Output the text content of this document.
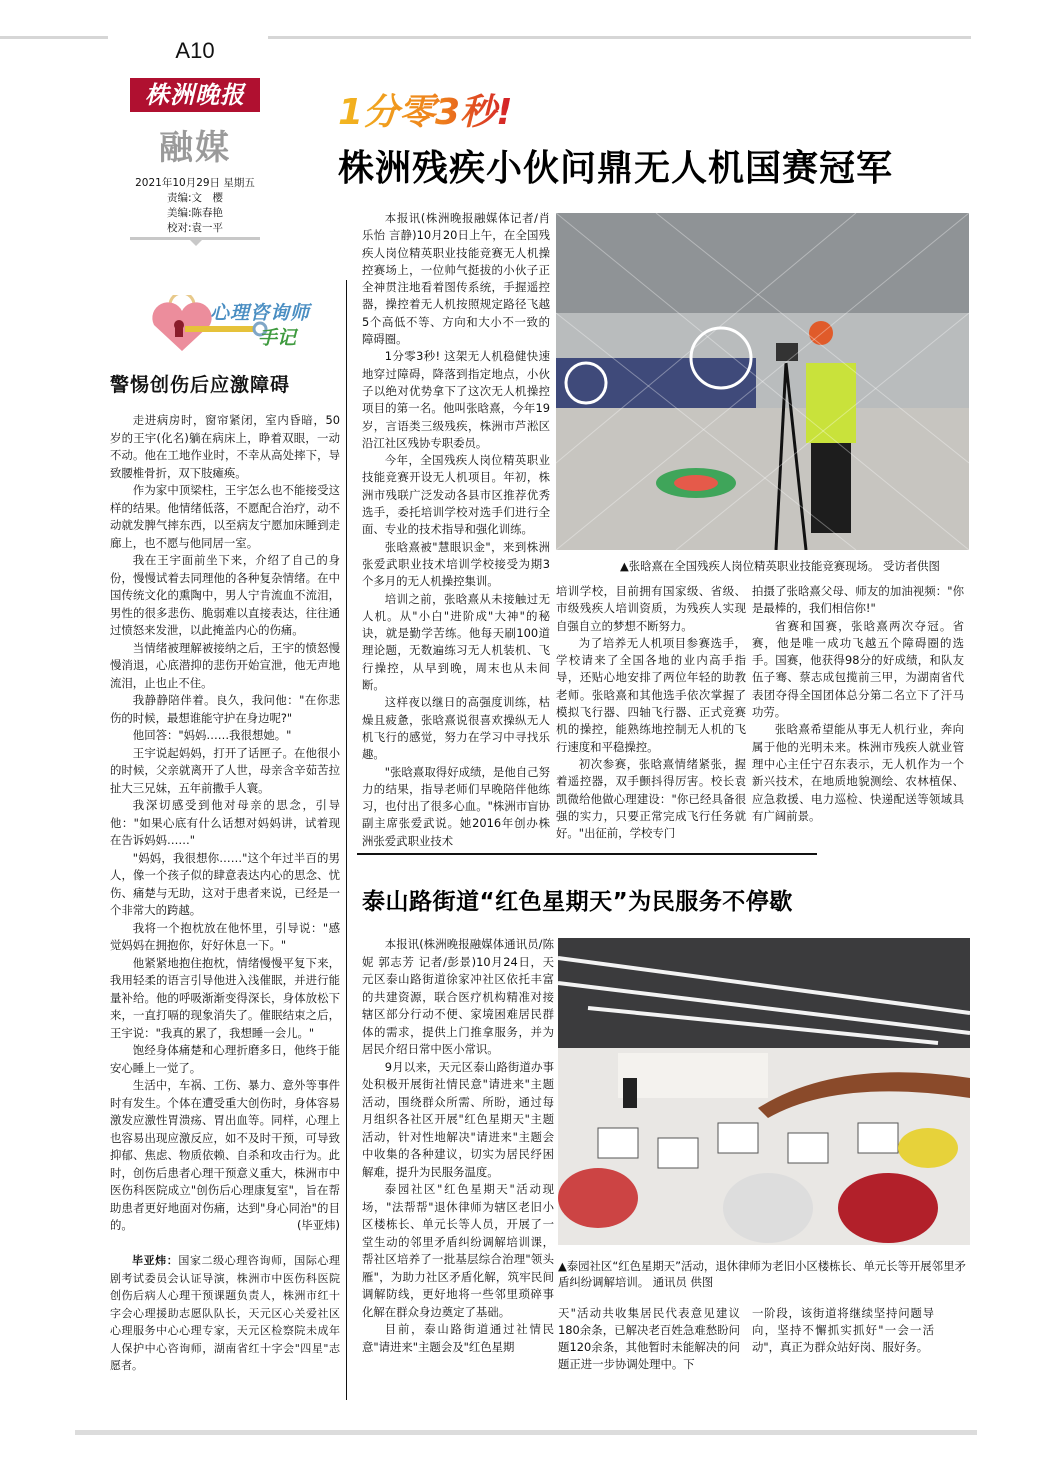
A10
株洲晚报
融媒
2021年10月29日 星期五
责编:文　樱
美编:陈春艳
校对:袁一平
心理咨询师
手记
警惕创伤后应激障碍

走进病房时，窗帘紧闭，室内昏暗，50岁的王宇(化名)躺在病床上，睁着双眼，一动不动。他在工地作业时，不幸从高处摔下，导致腰椎骨折，双下肢瘫痪。

作为家中顶梁柱，王宇怎么也不能接受这样的结果。他情绪低落，不愿配合治疗，动不动就发脾气摔东西，以至病友宁愿加床睡到走廊上，也不愿与他同居一室。

我在王宇面前坐下来，介绍了自己的身份，慢慢试着去同理他的各种复杂情绪。在中国传统文化的熏陶中，男人宁肯流血不流泪，男性的很多悲伤、脆弱难以直接表达，往往通过愤怒来发泄，以此掩盖内心的伤痛。

当情绪被理解被接纳之后，王宇的愤怒慢慢消退，心底潜抑的悲伤开始宣泄，他无声地流泪，止也止不住。

我静静陪伴着。良久，我问他："在你悲伤的时候，最想谁能守护在身边呢?"

他回答："妈妈……我很想她。"

王宇说起妈妈，打开了话匣子。在他很小的时候，父亲就离开了人世，母亲含辛茹苦拉扯大三兄妹，五年前撒手人寰。

我深切感受到他对母亲的思念，引导他："如果心底有什么话想对妈妈讲，试着现在告诉妈妈……"

"妈妈，我很想你……"这个年过半百的男人，像一个孩子似的肆意表达内心的思念、忧伤、痛楚与无助，这对于患者来说，已经是一个非常大的跨越。

我将一个抱枕放在他怀里，引导说："感觉妈妈在拥抱你，好好休息一下。"

他紧紧地抱住抱枕，情绪慢慢平复下来，我用轻柔的语言引导他进入浅催眠，并进行能量补给。他的呼吸渐渐变得深长，身体放松下来，一直打嗝的现象消失了。催眠结束之后，王宇说："我真的累了，我想睡一会儿。"

饱经身体痛楚和心理折磨多日，他终于能安心睡上一觉了。

生活中，车祸、工伤、暴力、意外等事件时有发生。个体在遭受重大创伤时，身体容易激发应激性胃溃疡、胃出血等。同样，心理上也容易出现应激反应，如不及时干预，可导致抑郁、焦虑、物质依赖、自杀和攻击行为。此时，创伤后患者心理干预意义重大，株洲市中医伤科医院成立"创伤后心理康复室"，旨在帮助患者更好地面对伤痛，达到"身心同治"的目的。	(毕亚炜)

毕亚炜：国家二级心理咨询师，国际心理剧考试委员会认证导演，株洲市中医伤科医院创伤后病人心理干预课题负责人，株洲市红十字会心理援助志愿队队长，天元区心关爱社区心理服务中心心理专家，天元区检察院未成年人保护中心咨询师，湖南省红十字会"四星"志愿者。
1分零3秒!
株洲残疾小伙问鼎无人机国赛冠军

本报讯(株洲晚报融媒体记者/肖乐怡 言静)10月20日上午，在全国残疾人岗位精英职业技能竞赛无人机操控赛场上，一位帅气挺拔的小伙子正全神贯注地看着图传系统，手握遥控器，操控着无人机按照规定路径飞越5个高低不等、方向和大小不一致的障碍圈。

1分零3秒! 这架无人机稳健快速地穿过障碍，降落到指定地点，小伙子以绝对优势拿下了这次无人机操控项目的第一名。他叫张晗熹，今年19岁，言语类三级残疾，株洲市芦淞区沿江社区残协专职委员。

今年，全国残疾人岗位精英职业技能竞赛开设无人机项目。年初，株洲市残联广泛发动各县市区推荐优秀选手，委托培训学校对选手们进行全面、专业的技术指导和强化训练。

张晗熹被"慧眼识金"，来到株洲张爱武职业技术培训学校接受为期3个多月的无人机操控集训。

培训之前，张晗熹从未接触过无人机。从"小白"进阶成"大神"的秘诀，就是勤学苦练。他每天刷100道理论题，无数遍练习无人机装机、飞行操控，从早到晚，周末也从未间断。

这样夜以继日的高强度训练，枯燥且疲惫，张晗熹说很喜欢操纵无人机飞行的感觉，努力在学习中寻找乐趣。

"张晗熹取得好成绩，是他自己努力的结果，指导老师们早晚陪伴他练习，也付出了很多心血。"株洲市盲协副主席张爱武说。她2016年创办株洲张爱武职业技术

▲张晗熹在全国残疾人岗位精英职业技能竞赛现场。 受访者供图

培训学校，目前拥有国家级、省级、市级残疾人培训资质，为残疾人实现自强自立的梦想不断努力。

为了培养无人机项目参赛选手，学校请来了全国各地的业内高手指导，还贴心地安排了两位年轻的助教老师。张晗熹和其他选手依次掌握了模拟飞行器、四轴飞行器、正式竞赛机的操控，能熟练地控制无人机的飞行速度和平稳操控。

初次参赛，张晗熹情绪紧张，握着遥控器，双手颤抖得厉害。校长袁凯微给他做心理建设："你已经具备很强的实力，只要正常完成飞行任务就好。"出征前，学校专门

拍摄了张晗熹父母、师友的加油视频："你是最棒的，我们相信你!"

省赛和国赛，张晗熹两次夺冠。省赛，他是唯一成功飞越五个障碍圈的选手。国赛，他获得98分的好成绩，和队友伍子骞、蔡志成包揽前三甲，为湖南省代表团夺得全国团体总分第二名立下了汗马功劳。

张晗熹希望能从事无人机行业，奔向属于他的光明未来。株洲市残疾人就业管理中心主任宁召东表示，无人机作为一个新兴技术，在地质地貌测绘、农林植保、应急救援、电力巡检、快递配送等领域具有广阔前景。

泰山路街道“红色星期天”为民服务不停歇

本报讯(株洲晚报融媒体通讯员/陈妮 郭志芳 记者/彭景)10月24日，天元区泰山路街道徐家冲社区依托丰富的共建资源，联合医疗机构精准对接辖区部分行动不便、家境困难居民群体的需求，提供上门推拿服务，并为居民介绍日常中医小常识。

9月以来，天元区泰山路街道办事处积极开展街社情民意"请进来"主题活动，围绕群众所需、所盼，通过每月组织各社区开展"红色星期天"主题活动，针对性地解决"请进来"主题会中收集的各种建议，切实为居民纾困解难，提升为民服务温度。

泰园社区"红色星期天"活动现场，"法帮帮"退休律师为辖区老旧小区楼栋长、单元长等人员，开展了一堂生动的邻里矛盾纠纷调解培训课，帮社区培养了一批基层综合治理"领头雁"，为助力社区矛盾化解，筑牢民间调解防线，更好地将一些邻里琐碎事化解在群众身边奠定了基础。

目前，泰山路街道通过社情民意"请进来"主题会及"红色星期

▲泰园社区“红色星期天”活动，退休律师为老旧小区楼栋长、单元长等开展邻里矛盾纠纷调解培训。 通讯员 供图

天"活动共收集居民代表意见建议180余条，已解决老百姓急难愁盼问题120余条，其他暂时未能解决的问题正进一步协调处理中。下

一阶段，该街道将继续坚持问题导向，坚持不懈抓实抓好"一会一活动"，真正为群众站好岗、服好务。
